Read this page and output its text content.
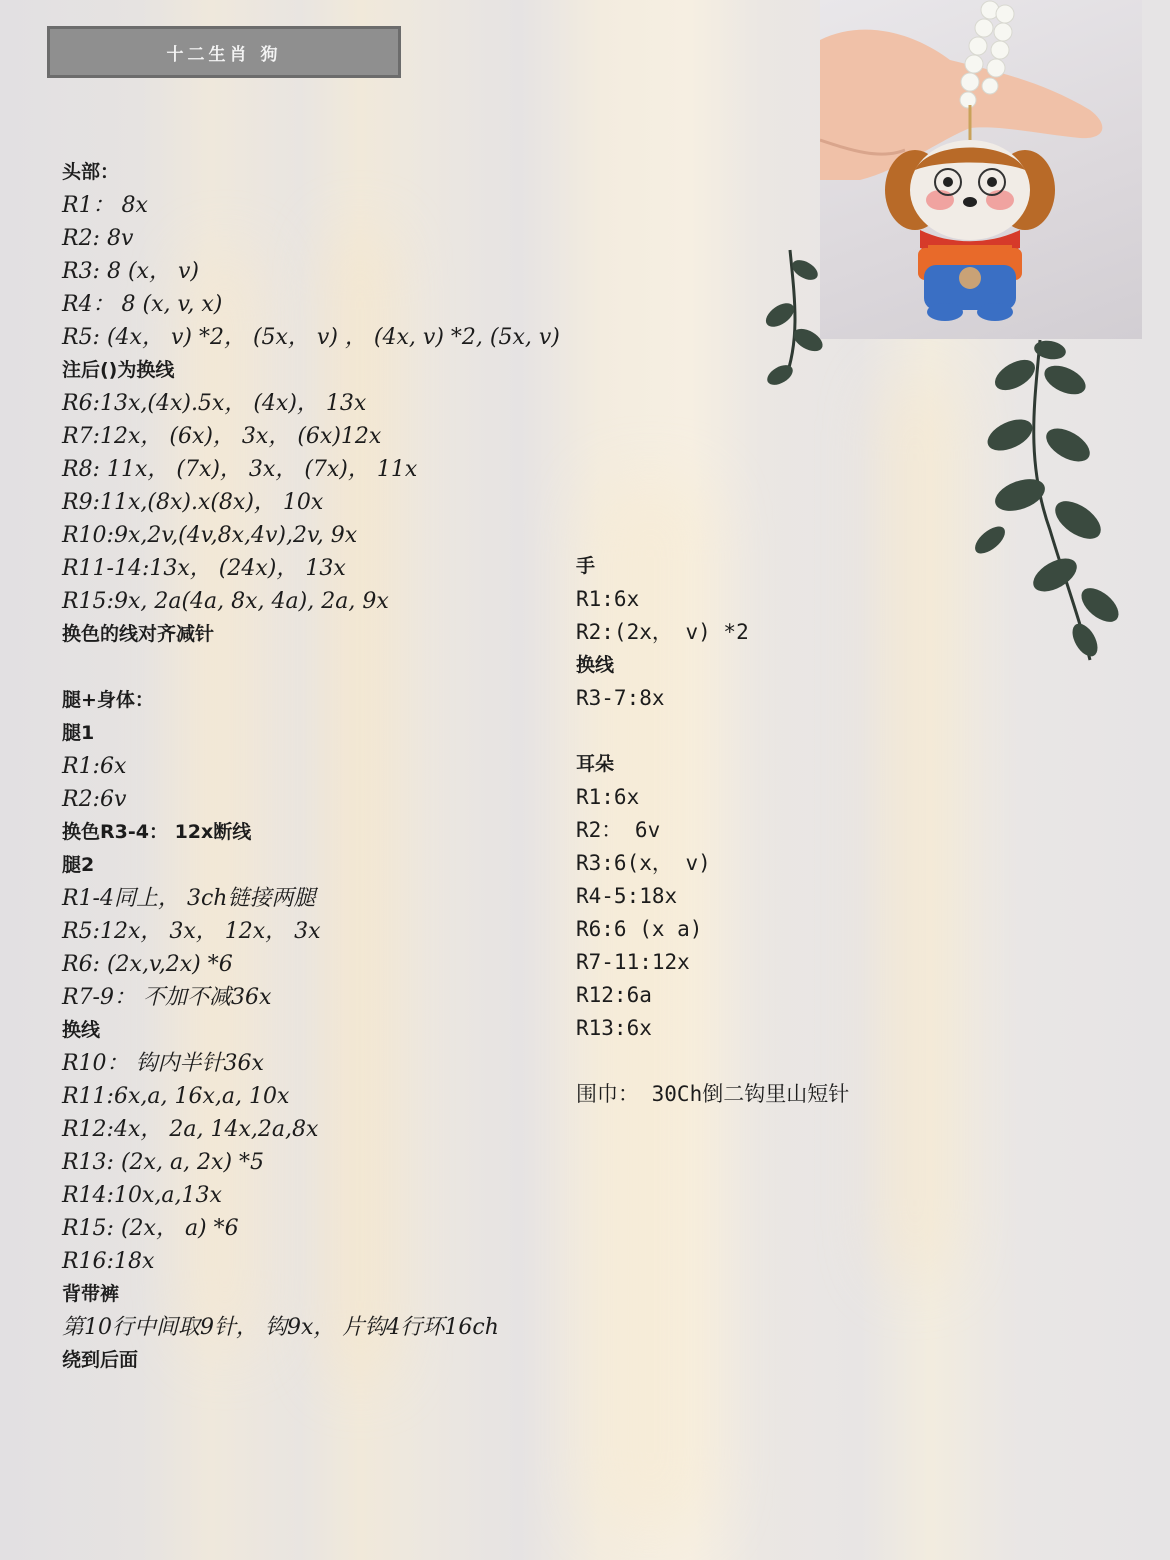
十二生肖 狗
头部：
R1： 8x
R2: 8v
R3: 8 (x， v)
R4： 8 (x, v, x)
R5: (4x， v) *2， (5x， v) ， (4x, v) *2, (5x, v)
注后()为换线
R6:13x,(4x).5x， (4x)， 13x
R7:12x， (6x)， 3x， (6x)12x
R8: 11x， (7x)， 3x， (7x)， 11x
R9:11x,(8x).x(8x)， 10x
R10:9x,2v,(4v,8x,4v),2v, 9x
R11-14:13x， (24x)， 13x
R15:9x, 2a(4a, 8x, 4a), 2a, 9x
换色的线对齐减针
腿+身体：
腿1
R1:6x
R2:6v
换色R3-4： 12x断线
腿2
R1-4同上， 3ch链接两腿
R5:12x， 3x， 12x， 3x
R6: (2x,v,2x) *6
R7-9： 不加不减36x
换线
R10： 钩内半针36x
R11:6x,a, 16x,a, 10x
R12:4x， 2a, 14x,2a,8x
R13: (2x, a, 2x) *5
R14:10x,a,13x
R15: (2x， a) *6
R16:18x
背带裤
第10行中间取9针， 钩9x， 片钩4行环16ch
绕到后面
手
R1:6x
R2:(2x， v) *2
换线
R3-7:8x
耳朵
R1:6x
R2： 6v
R3:6(x， v)
R4-5:18x
R6:6 (x a)
R7-11:12x
R12:6a
R13:6x
围巾： 30Ch倒二钩里山短针
